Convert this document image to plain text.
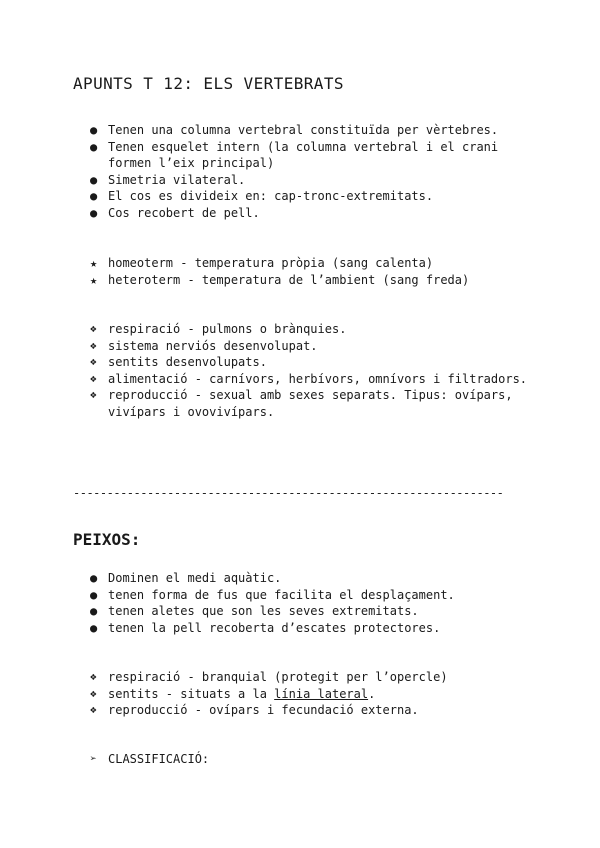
APUNTS T 12: ELS VERTEBRATS
● Tenen una columna vertebral constituïda per vèrtebres.
● Tenen esquelet intern (la columna vertebral i el crani formen l’eix principal)
● Simetria vilateral.
● El cos es divideix en: cap-tronc-extremitats.
● Cos recobert de pell.
★ homeoterm - temperatura pròpia (sang calenta)
★ heteroterm - temperatura de l’ambient (sang freda)
❖ respiració - pulmons o brànquies.
❖ sistema nerviós desenvolupat.
❖ sentits desenvolupats.
❖ alimentació - carnívors, herbívors, omnívors i filtradors.
❖ reproducció - sexual amb sexes separats. Tipus: ovípars, vivípars i ovovivípars.
----------------------------------------------------------------
PEIXOS:
● Dominen el medi aquàtic.
● tenen forma de fus que facilita el desplaçament.
● tenen aletes que son les seves extremitats.
● tenen la pell recoberta d’escates protectores.
❖ respiració - branquial (protegit per l’opercle)
❖ sentits - situats a la línia lateral.
❖ reproducció - ovípars i fecundació externa.
➢ CLASSIFICACIÓ:
